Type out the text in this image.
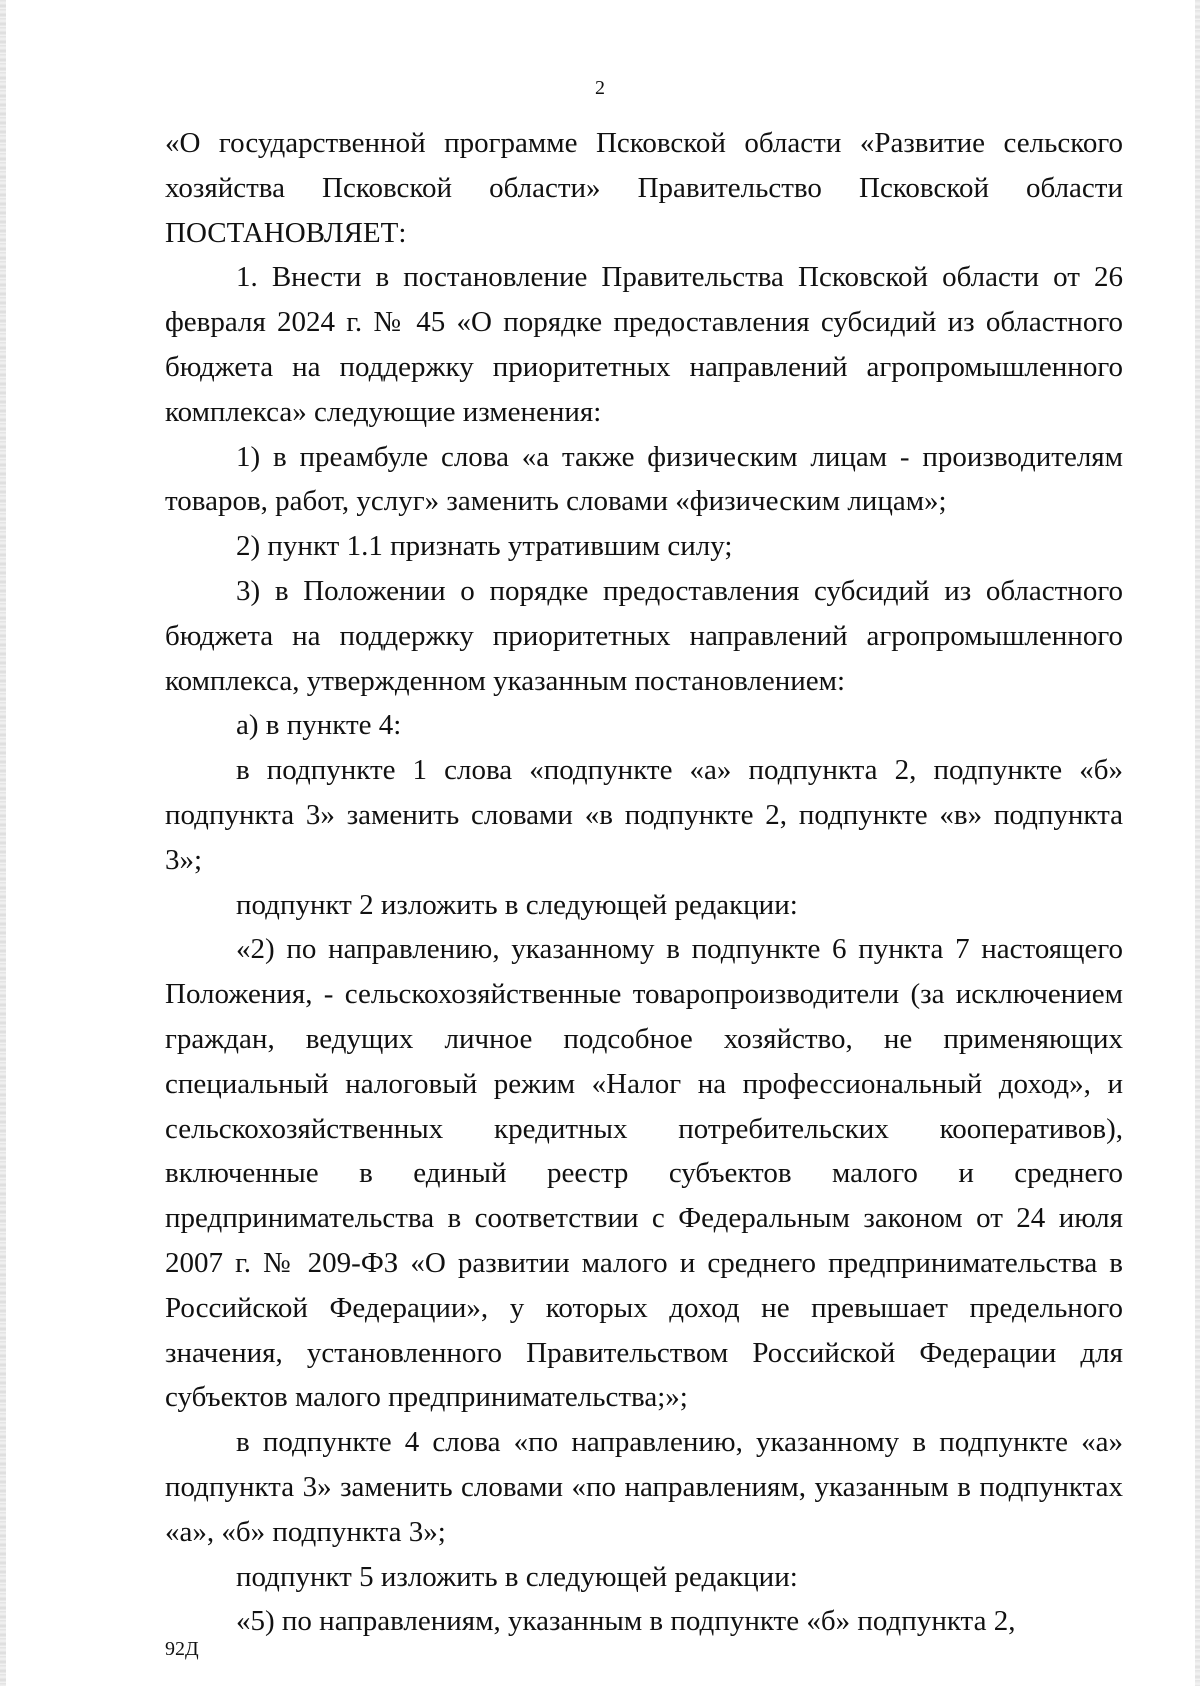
2

«О государственной программе Псковской области «Развитие сельского хозяйства Псковской области» Правительство Псковской области ПОСТАНОВЛЯЕТ:

1. Внести в постановление Правительства Псковской области от 26 февраля 2024 г. № 45 «О порядке предоставления субсидий из областного бюджета на поддержку приоритетных направлений агропромышленного комплекса» следующие изменения:

1) в преамбуле слова «а также физическим лицам - производителям товаров, работ, услуг» заменить словами «физическим лицам»;

2) пункт 1.1 признать утратившим силу;

3) в Положении о порядке предоставления субсидий из областного бюджета на поддержку приоритетных направлений агропромышленного комплекса, утвержденном указанным постановлением:

а) в пункте 4:

в подпункте 1 слова «подпункте «а» подпункта 2, подпункте «б» подпункта 3» заменить словами «в подпункте 2, подпункте «в» подпункта 3»;

подпункт 2 изложить в следующей редакции:

«2) по направлению, указанному в подпункте 6 пункта 7 настоящего Положения, - сельскохозяйственные товаропроизводители (за исключением граждан, ведущих личное подсобное хозяйство, не применяющих специальный налоговый режим «Налог на профессиональный доход», и сельскохозяйственных кредитных потребительских кооперативов), включенные в единый реестр субъектов малого и среднего предпринимательства в соответствии с Федеральным законом от 24 июля 2007 г. № 209-ФЗ «О развитии малого и среднего предпринимательства в Российской Федерации», у которых доход не превышает предельного значения, установленного Правительством Российской Федерации для субъектов малого предпринимательства;»;

в подпункте 4 слова «по направлению, указанному в подпункте «а» подпункта 3» заменить словами «по направлениям, указанным в подпунктах «а», «б» подпункта 3»;

подпункт 5 изложить в следующей редакции:

«5) по направлениям, указанным в подпункте «б» подпункта 2,

92Д
